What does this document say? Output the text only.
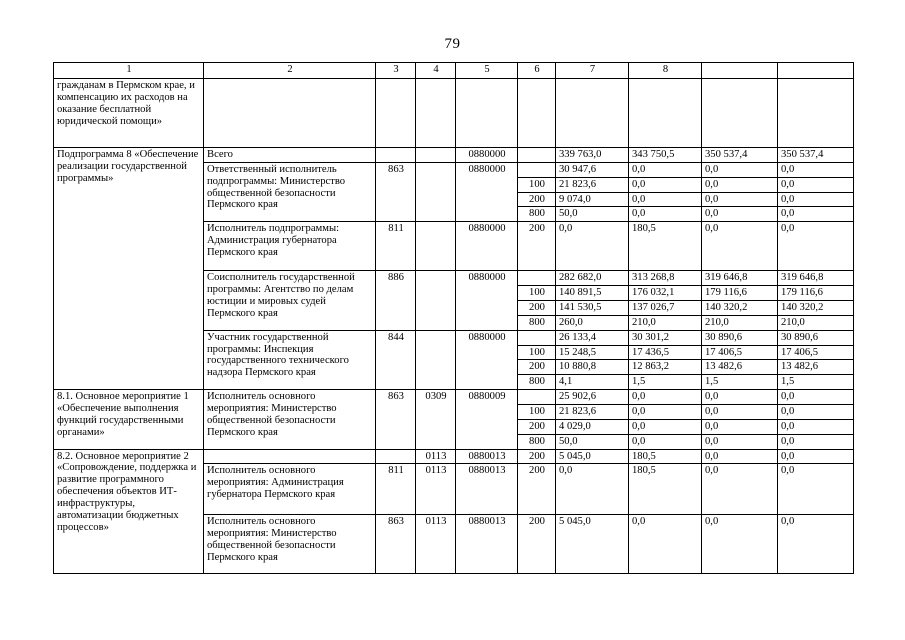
79
1	2	3	4	5	6	7	8		
гражданам в Пермском крае, и компенсацию их расходов на оказание бесплатной юридической помощи»									
Подпрограмма 8 «Обеспечение реализации государственной программы»	Всего			0880000		339 763,0	343 750,5	350 537,4	350 537,4
	Ответственный исполнитель подпрограммы: Министерство общественной безопасности Пермского края	863		0880000		30 947,6	0,0	0,0	0,0
					100	21 823,6	0,0	0,0	0,0
					200	9 074,0	0,0	0,0	0,0
					800	50,0	0,0	0,0	0,0
	Исполнитель подпрограммы: Администрация губернатора Пермского края	811		0880000	200	0,0	180,5	0,0	0,0
	Соисполнитель государственной программы: Агентство по делам юстиции и мировых судей Пермского края	886		0880000		282 682,0	313 268,8	319 646,8	319 646,8
					100	140 891,5	176 032,1	179 116,6	179 116,6
					200	141 530,5	137 026,7	140 320,2	140 320,2
					800	260,0	210,0	210,0	210,0
	Участник государственной программы: Инспекция государственного технического надзора Пермского края	844		0880000		26 133,4	30 301,2	30 890,6	30 890,6
					100	15 248,5	17 436,5	17 406,5	17 406,5
					200	10 880,8	12 863,2	13 482,6	13 482,6
					800	4,1	1,5	1,5	1,5
8.1. Основное мероприятие 1 «Обеспечение выполнения функций государственными органами»	Исполнитель основного мероприятия: Министерство общественной безопасности Пермского края	863	0309	0880009		25 902,6	0,0	0,0	0,0
					100	21 823,6	0,0	0,0	0,0
					200	4 029,0	0,0	0,0	0,0
					800	50,0	0,0	0,0	0,0
8.2. Основное мероприятие 2 «Сопровождение, поддержка и развитие программного обеспечения объектов ИТ-инфраструктуры, автоматизации бюджетных процессов»			0113	0880013	200	5 045,0	180,5	0,0	0,0
	Исполнитель основного мероприятия: Администрация губернатора Пермского края	811	0113	0880013	200	0,0	180,5	0,0	0,0
	Исполнитель основного мероприятия: Министерство общественной безопасности Пермского края	863	0113	0880013	200	5 045,0	0,0	0,0	0,0
